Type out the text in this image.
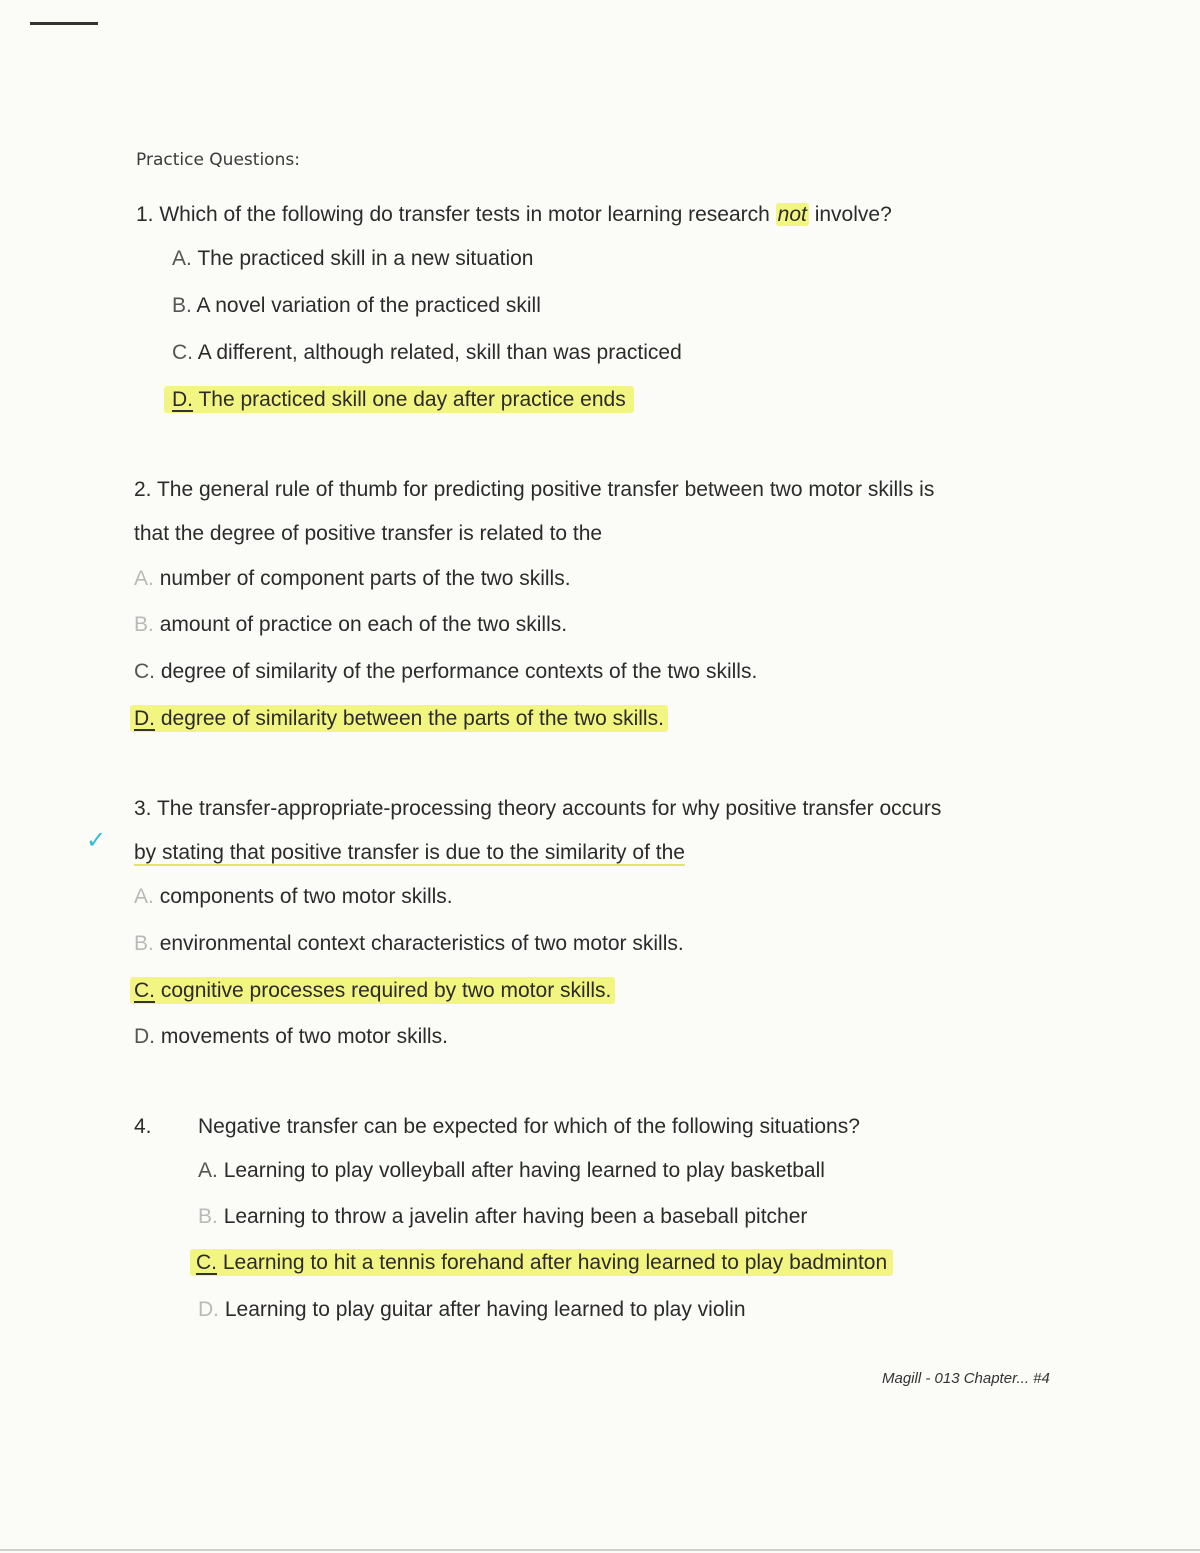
Practice Questions:
1. Which of the following do transfer tests in motor learning research not involve?
A. The practiced skill in a new situation
B. A novel variation of the practiced skill
C. A different, although related, skill than was practiced
D. The practiced skill one day after practice ends
2. The general rule of thumb for predicting positive transfer between two motor skills is
that the degree of positive transfer is related to the
A. number of component parts of the two skills.
B. amount of practice on each of the two skills.
C. degree of similarity of the performance contexts of the two skills.
D. degree of similarity between the parts of the two skills.
✓
3. The transfer-appropriate-processing theory accounts for why positive transfer occurs
by stating that positive transfer is due to the similarity of the
A. components of two motor skills.
B. environmental context characteristics of two motor skills.
C. cognitive processes required by two motor skills.
D. movements of two motor skills.
4. Negative transfer can be expected for which of the following situations?
A. Learning to play volleyball after having learned to play basketball
B. Learning to throw a javelin after having been a baseball pitcher
C. Learning to hit a tennis forehand after having learned to play badminton
D. Learning to play guitar after having learned to play violin
Magill - 013 Chapter... #4
